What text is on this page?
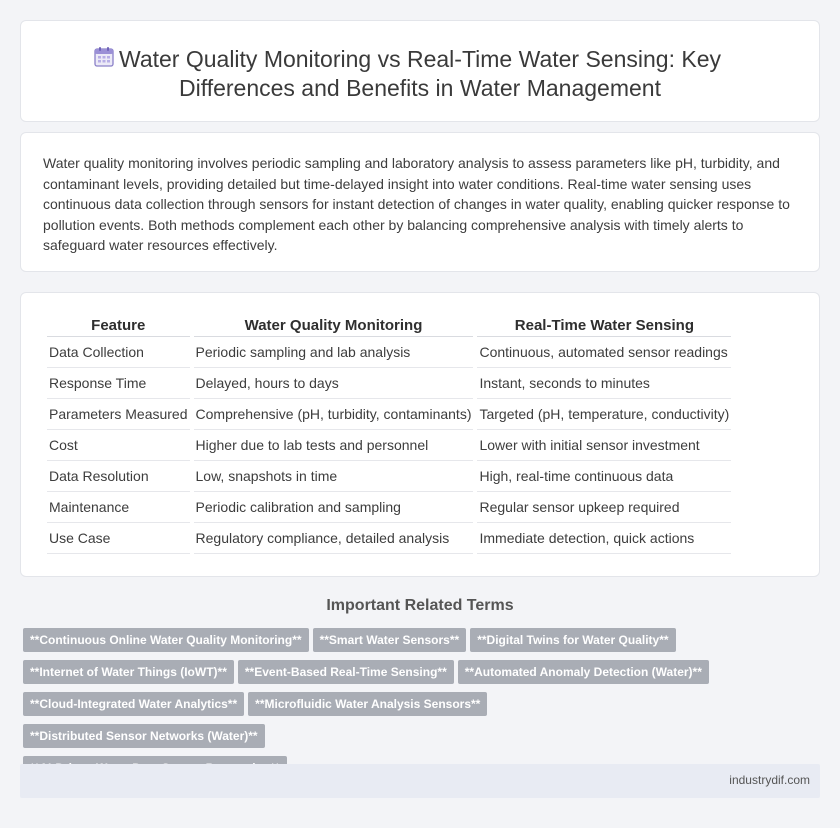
Water Quality Monitoring vs Real-Time Water Sensing: Key Differences and Benefits in Water Management

Water quality monitoring involves periodic sampling and laboratory analysis to assess parameters like pH, turbidity, and contaminant levels, providing detailed but time-delayed insight into water conditions. Real-time water sensing uses continuous data collection through sensors for instant detection of changes in water quality, enabling quicker response to pollution events. Both methods complement each other by balancing comprehensive analysis with timely alerts to safeguard water resources effectively.

Feature	Water Quality Monitoring	Real-Time Water Sensing
Data Collection	Periodic sampling and lab analysis	Continuous, automated sensor readings
Response Time	Delayed, hours to days	Instant, seconds to minutes
Parameters Measured	Comprehensive (pH, turbidity, contaminants)	Targeted (pH, temperature, conductivity)
Cost	Higher due to lab tests and personnel	Lower with initial sensor investment
Data Resolution	Low, snapshots in time	High, real-time continuous data
Maintenance	Periodic calibration and sampling	Regular sensor upkeep required
Use Case	Regulatory compliance, detailed analysis	Immediate detection, quick actions
Important Related Terms
**Continuous Online Water Quality Monitoring** **Smart Water Sensors** **Digital Twins for Water Quality**
**Internet of Water Things (IoWT)** **Event-Based Real-Time Sensing** **Automated Anomaly Detection (Water)**
**Cloud-Integrated Water Analytics** **Microfluidic Water Analysis Sensors****Distributed Sensor Networks (Water)**

industrydif.com
